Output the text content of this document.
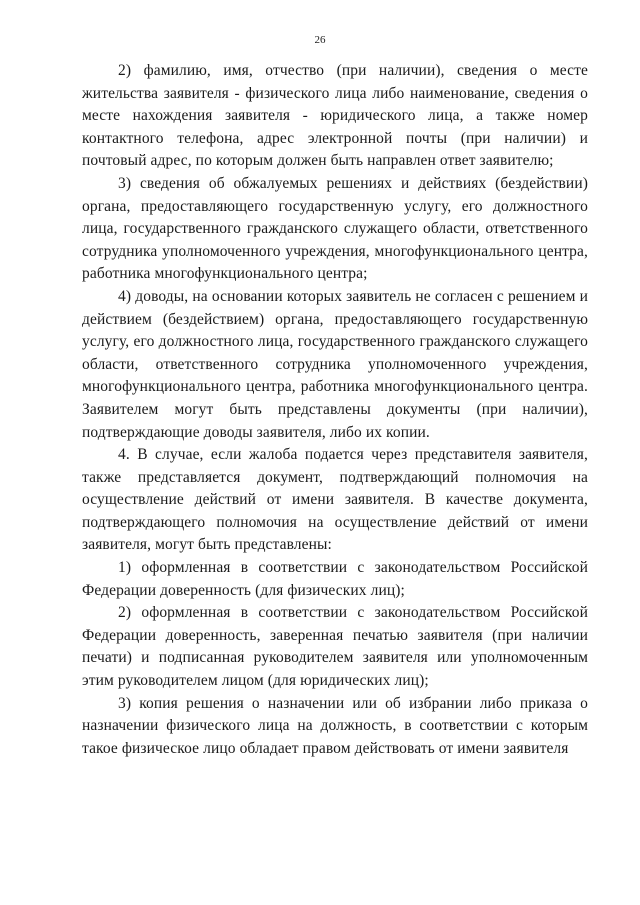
26

2) фамилию, имя, отчество (при наличии), сведения о месте жительства заявителя - физического лица либо наименование, сведения о месте нахождения заявителя - юридического лица, а также номер контактного телефона, адрес электронной почты (при наличии) и почтовый адрес, по которым должен быть направлен ответ заявителю;

3) сведения об обжалуемых решениях и действиях (бездействии) органа, предоставляющего государственную услугу, его должностного лица, государственного гражданского служащего области, ответственного сотрудника уполномоченного учреждения, многофункционального центра, работника многофункционального центра;

4) доводы, на основании которых заявитель не согласен с решением и действием (бездействием) органа, предоставляющего государственную услугу, его должностного лица, государственного гражданского служащего области, ответственного сотрудника уполномоченного учреждения, многофункционального центра, работника многофункционального центра. Заявителем могут быть представлены документы (при наличии), подтверждающие доводы заявителя, либо их копии.

4. В случае, если жалоба подается через представителя заявителя, также представляется документ, подтверждающий полномочия на осуществление действий от имени заявителя. В качестве документа, подтверждающего полномочия на осуществление действий от имени заявителя, могут быть представлены:

1) оформленная в соответствии с законодательством Российской Федерации доверенность (для физических лиц);

2) оформленная в соответствии с законодательством Российской Федерации доверенность, заверенная печатью заявителя (при наличии печати) и подписанная руководителем заявителя или уполномоченным этим руководителем лицом (для юридических лиц);

3) копия решения о назначении или об избрании либо приказа о назначении физического лица на должность, в соответствии с которым такое физическое лицо обладает правом действовать от имени заявителя
